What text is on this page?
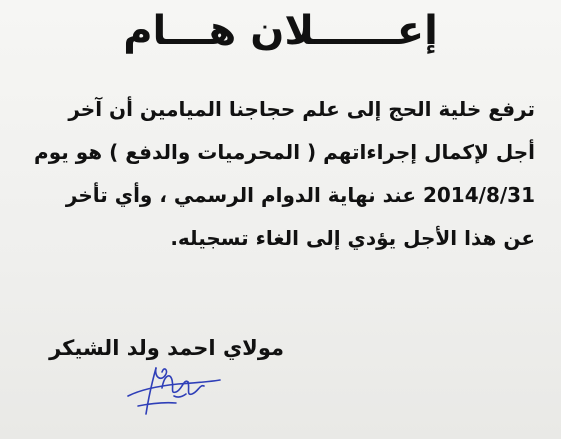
إعــــــلان هـــام
ترفع خلية الحج إلى علم حجاجنا الميامين أن آخر
أجل لإكمال إجراءاتهم ( المحرميات والدفع ) هو يوم
2014/8/31 عند نهاية الدوام الرسمي ، وأي تأخر
عن هذا الأجل يؤدي إلى الغاء تسجيله.
مولاي احمد ولد الشيكر
